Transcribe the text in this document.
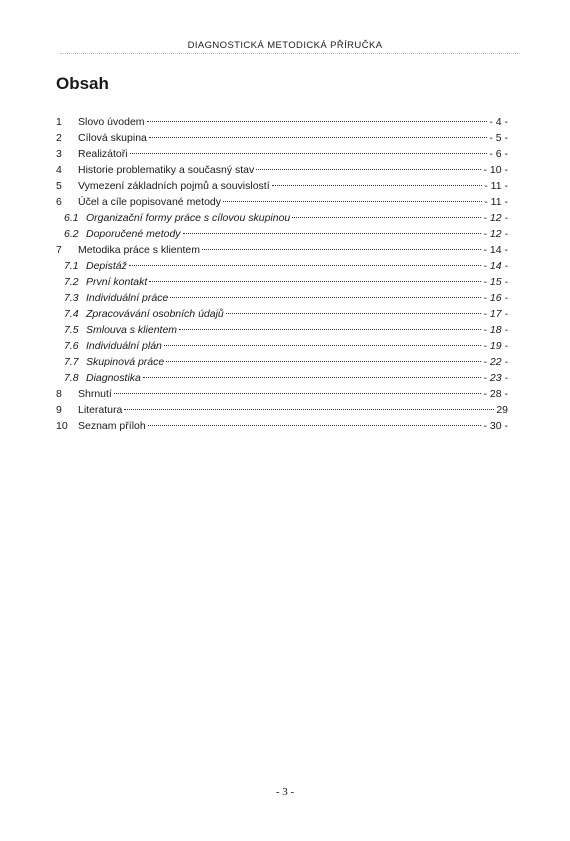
DIAGNOSTICKÁ METODICKÁ PŘÍRUČKA
Obsah
1	Slovo úvodem	- 4 -
2	Cílová skupina	- 5 -
3	Realizátoři	- 6 -
4	Historie problematiky a současný stav	- 10 -
5	Vymezení základních pojmů a souvislostí	- 11 -
6	Účel a cíle popisované metody	- 11 -
6.1 Organizační formy práce s cílovou skupinou	- 12 -
6.2 Doporučené metody	- 12 -
7	Metodika práce s klientem	- 14 -
7.1 Depistáž	- 14 -
7.2 První kontakt	- 15 -
7.3 Individuální práce	- 16 -
7.4 Zpracovávání osobních údajů	- 17 -
7.5 Smlouva s klientem	- 18 -
7.6 Individuální plán	- 19 -
7.7 Skupinová práce	- 22 -
7.8 Diagnostika	- 23 -
8	Shrnutí	- 28 -
9	Literatura	29
10 Seznam příloh	- 30 -
- 3 -
